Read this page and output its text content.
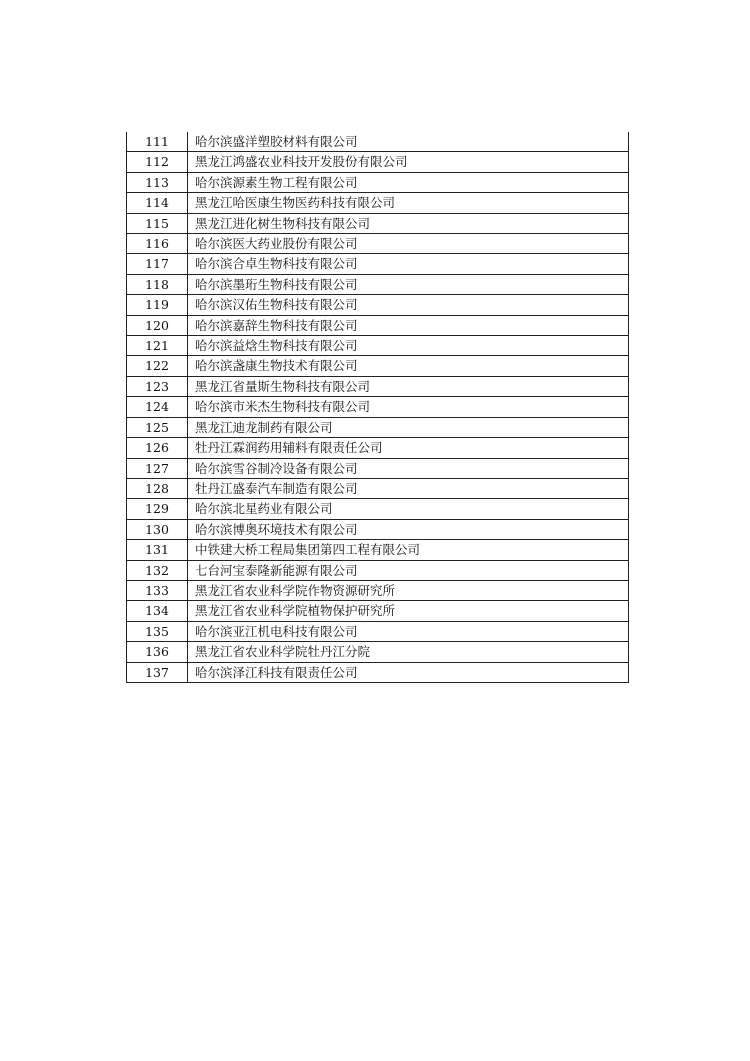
111	哈尔滨盛洋塑胶材料有限公司
112	黑龙江鸿盛农业科技开发股份有限公司
113	哈尔滨源素生物工程有限公司
114	黑龙江哈医康生物医药科技有限公司
115	黑龙江进化树生物科技有限公司
116	哈尔滨医大药业股份有限公司
117	哈尔滨合卓生物科技有限公司
118	哈尔滨墨珩生物科技有限公司
119	哈尔滨汉佑生物科技有限公司
120	哈尔滨嘉辞生物科技有限公司
121	哈尔滨益焓生物科技有限公司
122	哈尔滨盏康生物技术有限公司
123	黑龙江省量斯生物科技有限公司
124	哈尔滨市米杰生物科技有限公司
125	黑龙江迪龙制药有限公司
126	牡丹江霖润药用辅料有限责任公司
127	哈尔滨雪谷制冷设备有限公司
128	牡丹江盛泰汽车制造有限公司
129	哈尔滨北星药业有限公司
130	哈尔滨博奥环境技术有限公司
131	中铁建大桥工程局集团第四工程有限公司
132	七台河宝泰隆新能源有限公司
133	黑龙江省农业科学院作物资源研究所
134	黑龙江省农业科学院植物保护研究所
135	哈尔滨亚江机电科技有限公司
136	黑龙江省农业科学院牡丹江分院
137	哈尔滨泽江科技有限责任公司
